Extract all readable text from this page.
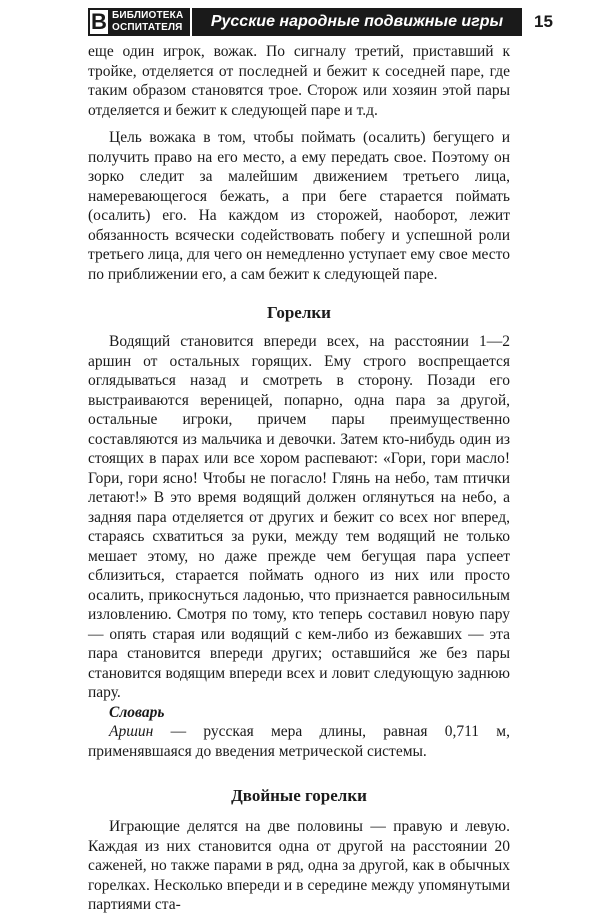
В БИБЛИОТЕКА
ОСПИТАТЕЛЯ	Русские народные подвижные игры	15

еще один игрок, вожак. По сигналу третий, приставший к тройке, отделяется от последней и бежит к соседней паре, где таким образом становятся трое. Сторож или хозяин этой пары отделяется и бежит к следующей паре и т.д.

Цель вожака в том, чтобы поймать (осалить) бегущего и получить право на его место, а ему передать свое. Поэтому он зорко следит за малейшим движением третьего лица, намеревающегося бежать, а при беге старается поймать (осалить) его. На каждом из сторожей, наоборот, лежит обязанность всячески содействовать побегу и успешной роли третьего лица, для чего он немедленно уступает ему свое место по приближении его, а сам бежит к следующей паре.

Горелки

Водящий становится впереди всех, на расстоянии 1—2 аршин от остальных горящих. Ему строго воспрещается оглядываться назад и смотреть в сторону. Позади его выстраиваются вереницей, попарно, одна пара за другой, остальные игроки, причем пары преимущественно составляются из мальчика и девочки. Затем кто-нибудь один из стоящих в парах или все хором распевают: «Гори, гори масло! Гори, гори ясно! Чтобы не погасло! Глянь на небо, там птички летают!» В это время водящий должен оглянуться на небо, а задняя пара отделяется от других и бежит со всех ног вперед, стараясь схватиться за руки, между тем водящий не только мешает этому, но даже прежде чем бегущая пара успеет сблизиться, старается поймать одного из них или просто осалить, прикоснуться ладонью, что признается равносильным изловлению. Смотря по тому, кто теперь составил новую пару — опять старая или водящий с кем-либо из бежавших — эта пара становится впереди других; оставшийся же без пары становится водящим впереди всех и ловит следующую заднюю пару.

Словарь

Аршин — русская мера длины, равная 0,711 м, применявшаяся до введения метрической системы.

Двойные горелки

Играющие делятся на две половины — правую и левую. Каждая из них становится одна от другой на расстоянии 20 саженей, но также парами в ряд, одна за другой, как в обычных горелках. Несколько впереди и в середине между упомянутыми партиями ста-
